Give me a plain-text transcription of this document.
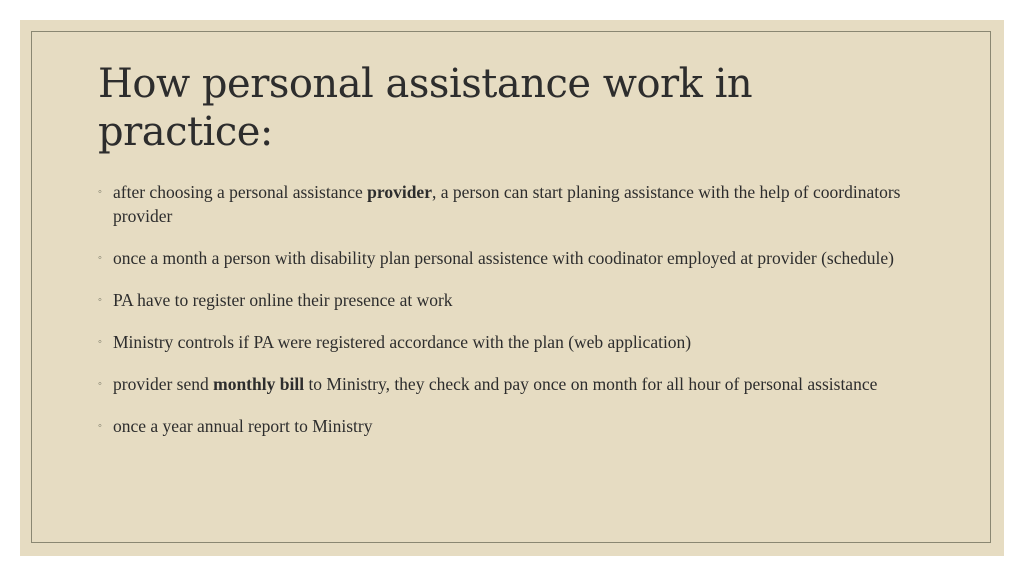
How personal assistance work in practice:
◦ after choosing a personal assistance provider, a person can start planing assistance with the help of coordinators provider
◦ once a month a person with disability plan personal assistence with coodinator employed at provider (schedule)
◦ PA have to register online their presence at work
◦ Ministry controls if PA were registered accordance with the plan (web application)
◦ provider send monthly bill to Ministry, they check and pay once on month for all hour of personal assistance
◦ once a year annual report to Ministry
